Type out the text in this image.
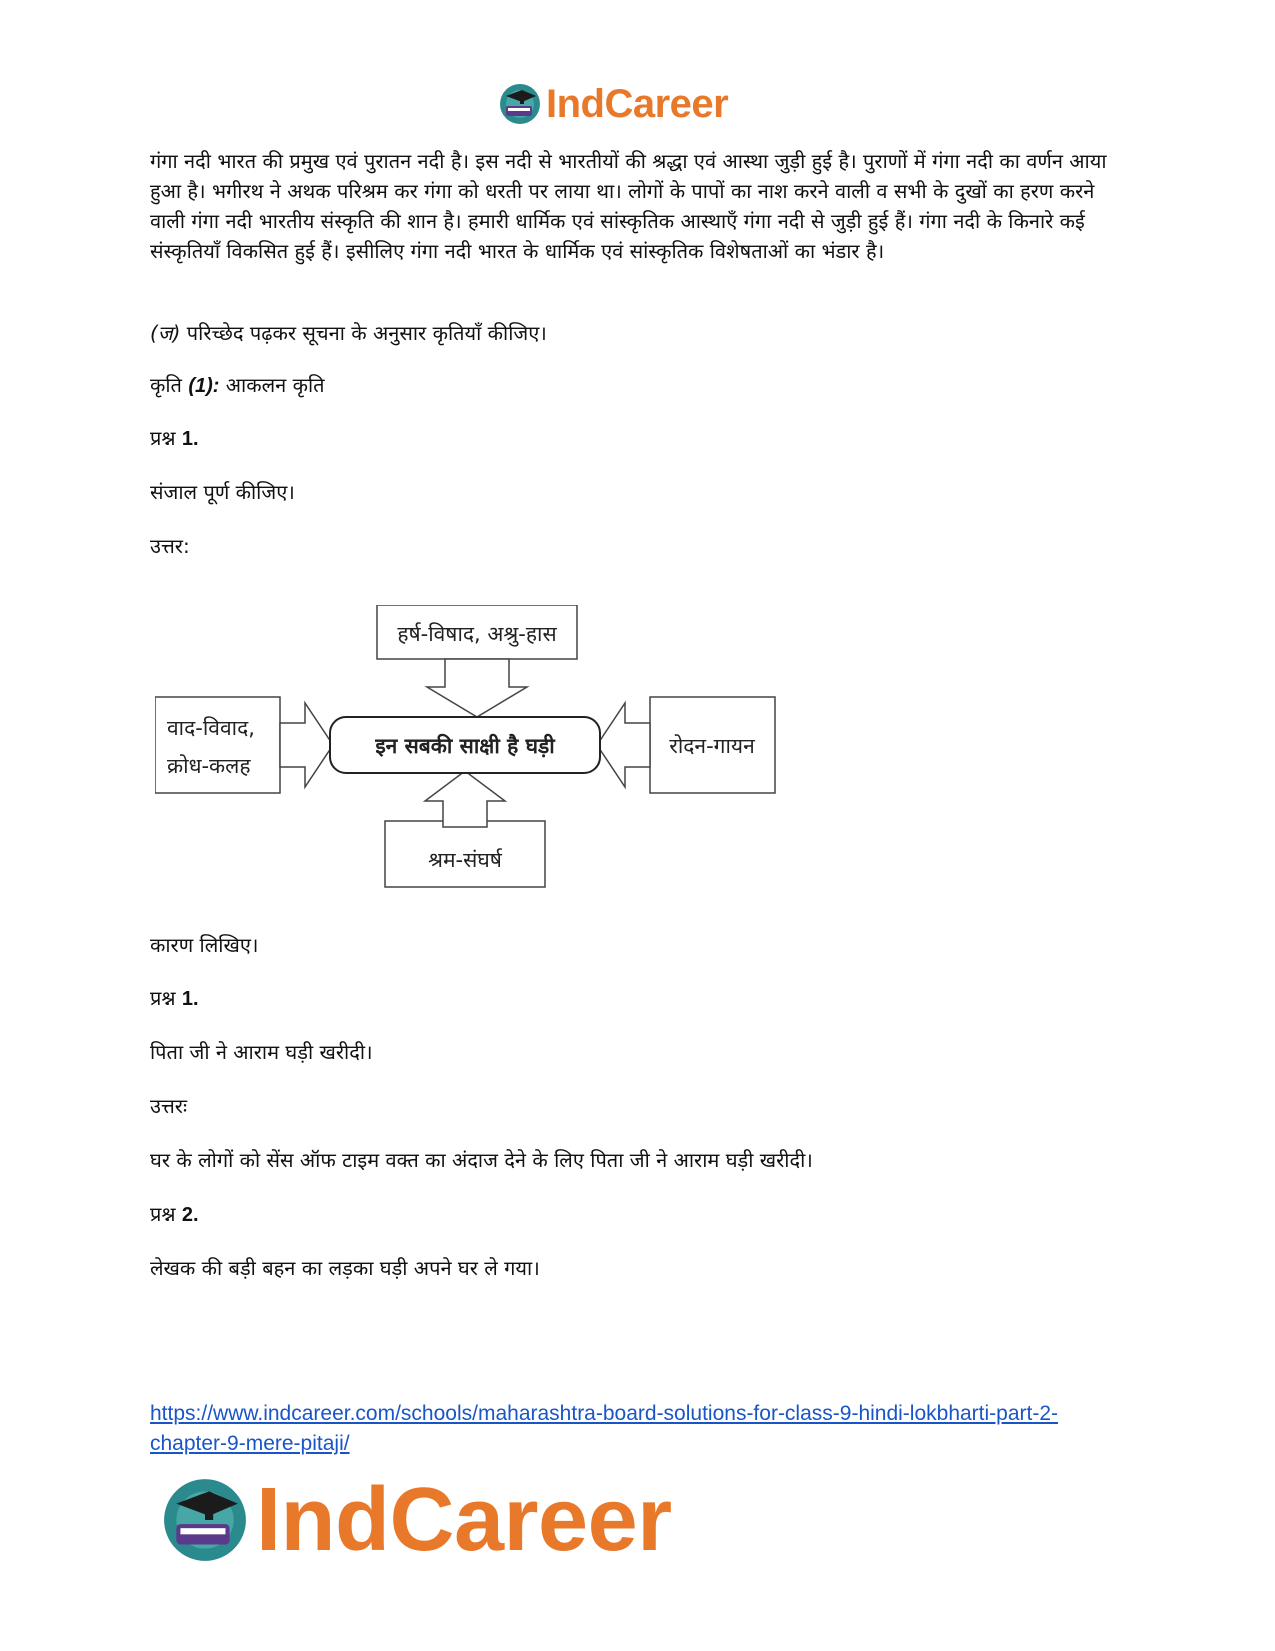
IndCareer

गंगा नदी भारत की प्रमुख एवं पुरातन नदी है। इस नदी से भारतीयों की श्रद्धा एवं आस्था जुड़ी हुई है। पुराणों में गंगा नदी का वर्णन आया हुआ है। भगीरथ ने अथक परिश्रम कर गंगा को धरती पर लाया था। लोगों के पापों का नाश करने वाली व सभी के दुखों का हरण करने वाली गंगा नदी भारतीय संस्कृति की शान है। हमारी धार्मिक एवं सांस्कृतिक आस्थाएँ गंगा नदी से जुड़ी हुई हैं। गंगा नदी के किनारे कई संस्कृतियाँ विकसित हुई हैं। इसीलिए गंगा नदी भारत के धार्मिक एवं सांस्कृतिक विशेषताओं का भंडार है।

(ज) परिच्छेद पढ़कर सूचना के अनुसार कृतियाँ कीजिए।
कृति (1): आकलन कृति
प्रश्न 1.
संजाल पूर्ण कीजिए।
उत्तर:
हर्ष-विषाद, अश्रु-हास
वाद-विवाद,
क्रोध-कलह
रोदन-गायन
श्रम-संघर्ष
इन सबकी साक्षी है घड़ी
कारण लिखिए।
प्रश्न 1.
पिता जी ने आराम घड़ी खरीदी।
उत्तरः
घर के लोगों को सेंस ऑफ टाइम वक्त का अंदाज देने के लिए पिता जी ने आराम घड़ी खरीदी।
प्रश्न 2.
लेखक की बड़ी बहन का लड़का घड़ी अपने घर ले गया।
https://www.indcareer.com/schools/maharashtra-board-solutions-for-class-9-hindi-lokbharti-part-2-chapter-9-mere-pitaji/
IndCareer
